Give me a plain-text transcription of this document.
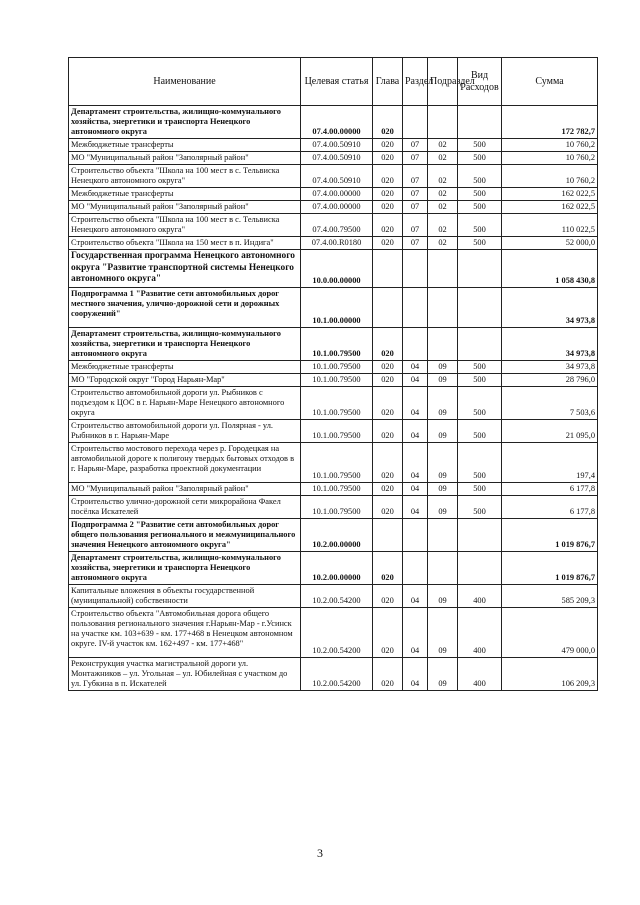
Наименование	Целевая статья	Глава	Раздел	Подраздел	Вид Расходов	Сумма
Департамент строительства, жилищно-коммунального хозяйства, энергетики и транспорта Ненецкого автономного округа	07.4.00.00000	020				172 782,7
Межбюджетные трансферты	07.4.00.50910	020	07	02	500	10 760,2
МО "Муниципальный район "Заполярный район"	07.4.00.50910	020	07	02	500	10 760,2
Строительство объекта "Школа на 100 мест в с. Тельвиска Ненецкого автономного округа"	07.4.00.50910	020	07	02	500	10 760,2
Межбюджетные трансферты	07.4.00.00000	020	07	02	500	162 022,5
МО "Муниципальный район "Заполярный район"	07.4.00.00000	020	07	02	500	162 022,5
Строительство объекта "Школа на 100 мест в с. Тельвиска Ненецкого автономного округа"	07.4.00.79500	020	07	02	500	110 022,5
Строительство объекта "Школа на 150 мест в п. Индига"	07.4.00.R0180	020	07	02	500	52 000,0
Государственная программа Ненецкого автономного округа "Развитие транспортной системы Ненецкого автономного округа"	10.0.00.00000					1 058 430,8
Подпрограмма 1 "Развитие сети автомобильных дорог местного значения, улично-дорожной сети и дорожных сооружений"	10.1.00.00000					34 973,8
Департамент строительства, жилищно-коммунального хозяйства, энергетики и транспорта Ненецкого автономного округа	10.1.00.79500	020				34 973,8
Межбюджетные трансферты	10.1.00.79500	020	04	09	500	34 973,8
МО "Городской округ "Город Нарьян-Мар"	10.1.00.79500	020	04	09	500	28 796,0
Строительство автомобильной дороги ул. Рыбников с подъездом к ЦОС в г. Нарьян-Маре Ненецкого автономного округа	10.1.00.79500	020	04	09	500	7 503,6
Строительство автомобильной дороги ул. Полярная - ул. Рыбников в г. Нарьян-Маре	10.1.00.79500	020	04	09	500	21 095,0
Строительство мостового перехода через р. Городецкая на автомобильной дороге к полигону твердых бытовых отходов в г. Нарьян-Маре, разработка проектной документации	10.1.00.79500	020	04	09	500	197,4
МО "Муниципальный район "Заполярный район"	10.1.00.79500	020	04	09	500	6 177,8
Строительство улично-дорожной сети микрорайона Факел посёлка Искателей	10.1.00.79500	020	04	09	500	6 177,8
Подпрограмма 2 "Развитие сети автомобильных дорог общего пользования регионального и межмуниципального значения Ненецкого автономного округа"	10.2.00.00000					1 019 876,7
Департамент строительства, жилищно-коммунального хозяйства, энергетики и транспорта Ненецкого автономного округа	10.2.00.00000	020				1 019 876,7
Капитальные вложения в объекты государственной (муниципальной) собственности	10.2.00.54200	020	04	09	400	585 209,3
Строительство объекта "Автомобильная дорога общего пользования регионального значения г.Нарьян-Мар - г.Усинск на участке км. 103+639 - км. 177+468 в Ненецком автономном округе. IV-й участок км. 162+497 - км. 177+468"	10.2.00.54200	020	04	09	400	479 000,0
Реконструкция участка магистральной дороги ул. Монтажников – ул. Угольная – ул. Юбилейная с участком до ул. Губкина в п. Искателей	10.2.00.54200	020	04	09	400	106 209,3
3
